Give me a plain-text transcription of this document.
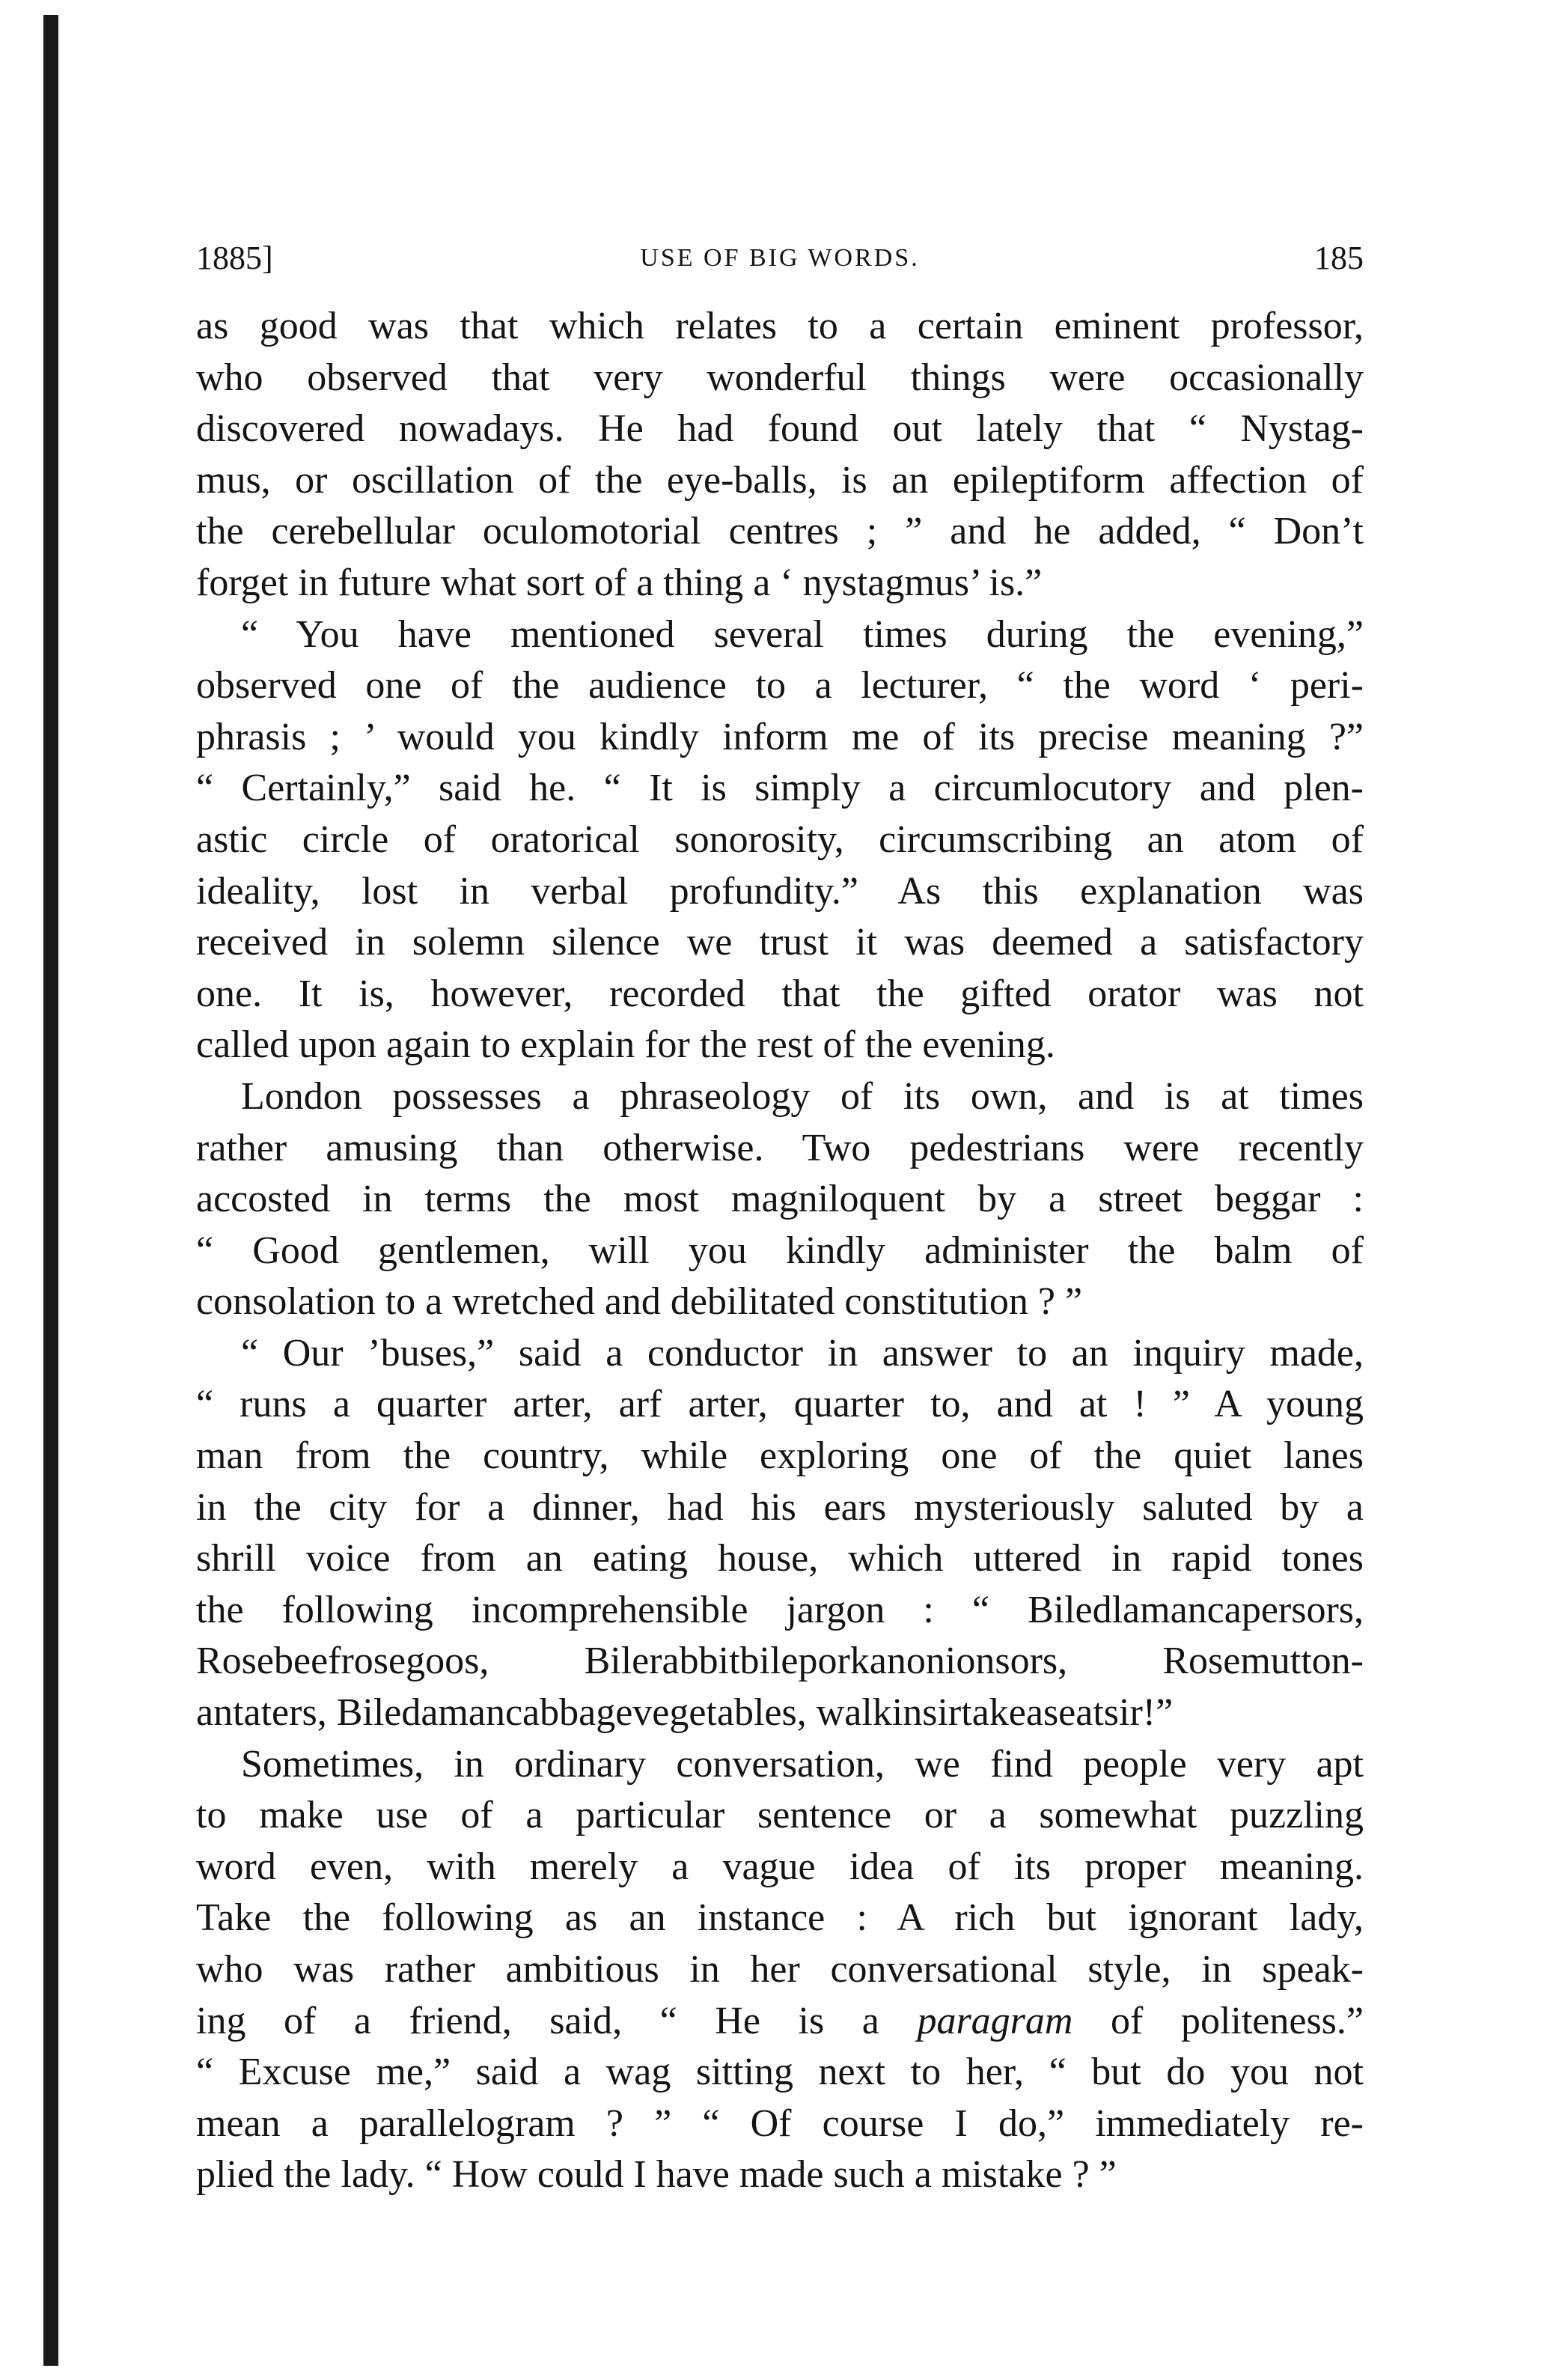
1885]	USE OF BIG WORDS.	185
as good was that which relates to a certain eminent professor,
who observed that very wonderful things were occasionally
discovered nowadays. He had found out lately that “ Nystag-
mus, or oscillation of the eye-balls, is an epileptiform affection of
the cerebellular oculomotorial centres ; ” and he added, “ Don’t
forget in future what sort of a thing a ‘ nystagmus’ is.”
“ You have mentioned several times during the evening,”
observed one of the audience to a lecturer, “ the word ‘ peri-
phrasis ; ’ would you kindly inform me of its precise meaning ?”
“ Certainly,” said he. “ It is simply a circumlocutory and plen-
astic circle of oratorical sonorosity, circumscribing an atom of
ideality, lost in verbal profundity.” As this explanation was
received in solemn silence we trust it was deemed a satisfactory
one. It is, however, recorded that the gifted orator was not
called upon again to explain for the rest of the evening.
London possesses a phraseology of its own, and is at times
rather amusing than otherwise. Two pedestrians were recently
accosted in terms the most magniloquent by a street beggar :
“ Good gentlemen, will you kindly administer the balm of
consolation to a wretched and debilitated constitution ? ”
“ Our ’buses,” said a conductor in answer to an inquiry made,
“ runs a quarter arter, arf arter, quarter to, and at ! ” A young
man from the country, while exploring one of the quiet lanes
in the city for a dinner, had his ears mysteriously saluted by a
shrill voice from an eating house, which uttered in rapid tones
the following incomprehensible jargon : “ Biledlamancapersors,
Rosebeefrosegoos, Bilerabbitbileporkanonionsors, Rosemutton-
antaters, Biledamancabbagevegetables, walkinsirtakeaseatsir!”
Sometimes, in ordinary conversation, we find people very apt
to make use of a particular sentence or a somewhat puzzling
word even, with merely a vague idea of its proper meaning.
Take the following as an instance : A rich but ignorant lady,
who was rather ambitious in her conversational style, in speak-
ing of a friend, said, “ He is a paragram of politeness.”
“ Excuse me,” said a wag sitting next to her, “ but do you not
mean a parallelogram ? ” “ Of course I do,” immediately re-
plied the lady. “ How could I have made such a mistake ? ”
